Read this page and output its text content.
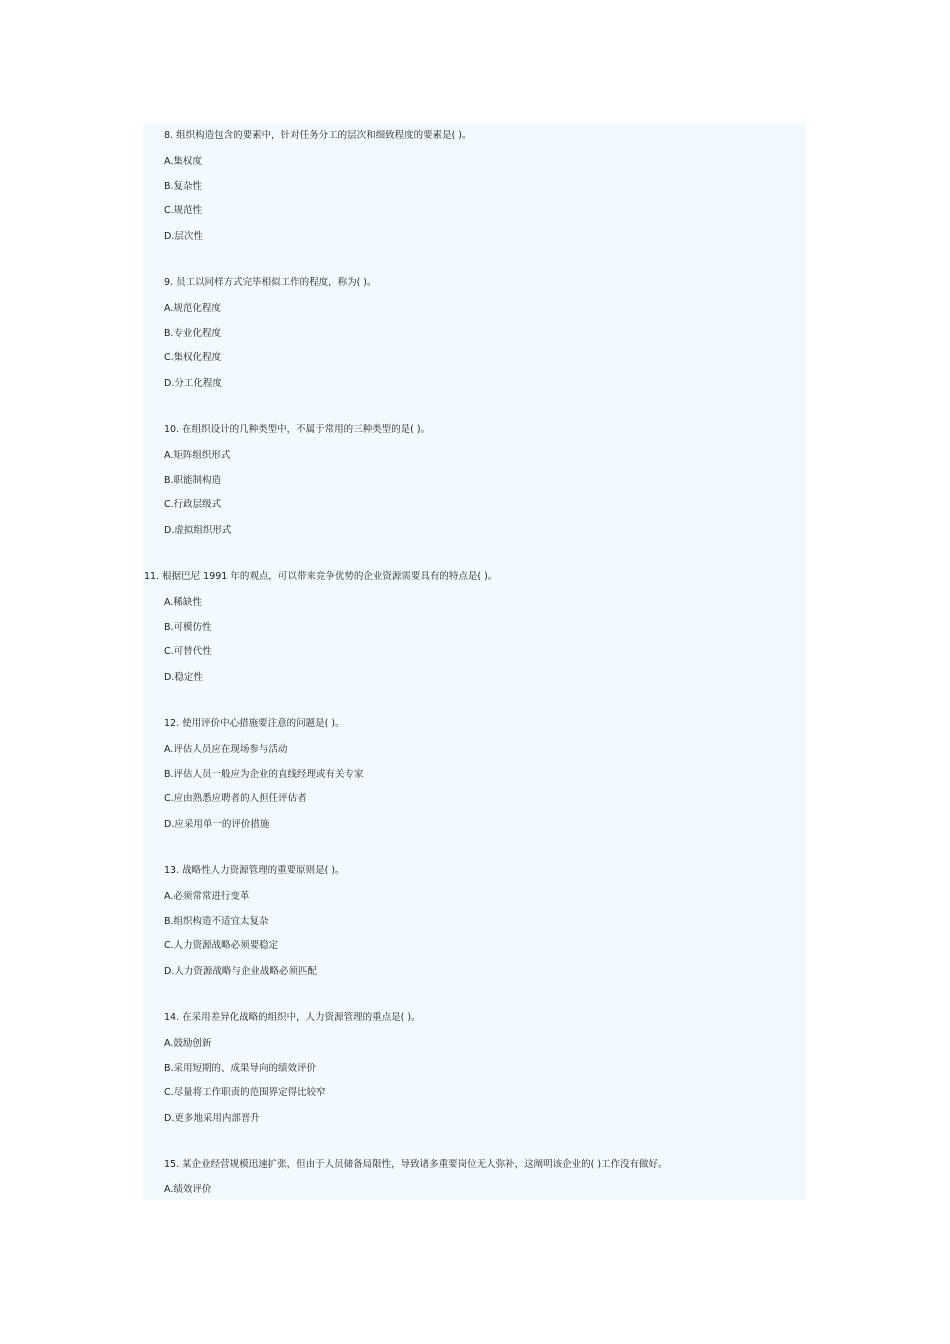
8. 组织构造包含的要素中，针对任务分工的层次和细致程度的要素是( )。
A.集权度
B.复杂性
C.规范性
D.层次性
9. 员工以同样方式完毕相似工作的程度，称为( )。
A.规范化程度
B.专业化程度
C.集权化程度
D.分工化程度
10. 在组织设计的几种类型中，不属于常用的三种类型的是( )。
A.矩阵组织形式
B.职能制构造
C.行政层级式
D.虚拟组织形式
11. 根据巴尼 1991 年的观点，可以带来竞争优势的企业资源需要具有的特点是( )。
A.稀缺性
B.可模仿性
C.可替代性
D.稳定性
12. 使用评价中心措施要注意的问题是( )。
A.评估人员应在现场参与活动
B.评估人员一般应为企业的直线经理或有关专家
C.应由熟悉应聘者的人担任评估者
D.应采用单一的评价措施
13. 战略性人力资源管理的重要原则是( )。
A.必须常常进行变革
B.组织构造不适宜太复杂
C.人力资源战略必须要稳定
D.人力资源战略与企业战略必须匹配
14. 在采用差异化战略的组织中，人力资源管理的重点是( )。
A.鼓励创新
B.采用短期的、成果导向的绩效评价
C.尽量将工作职责的范围界定得比较窄
D.更多地采用内部晋升
15. 某企业经营规模迅速扩张，但由于人员储备局限性，导致诸多重要岗位无人弥补，这阐明该企业的( )工作没有做好。
A.绩效评价
